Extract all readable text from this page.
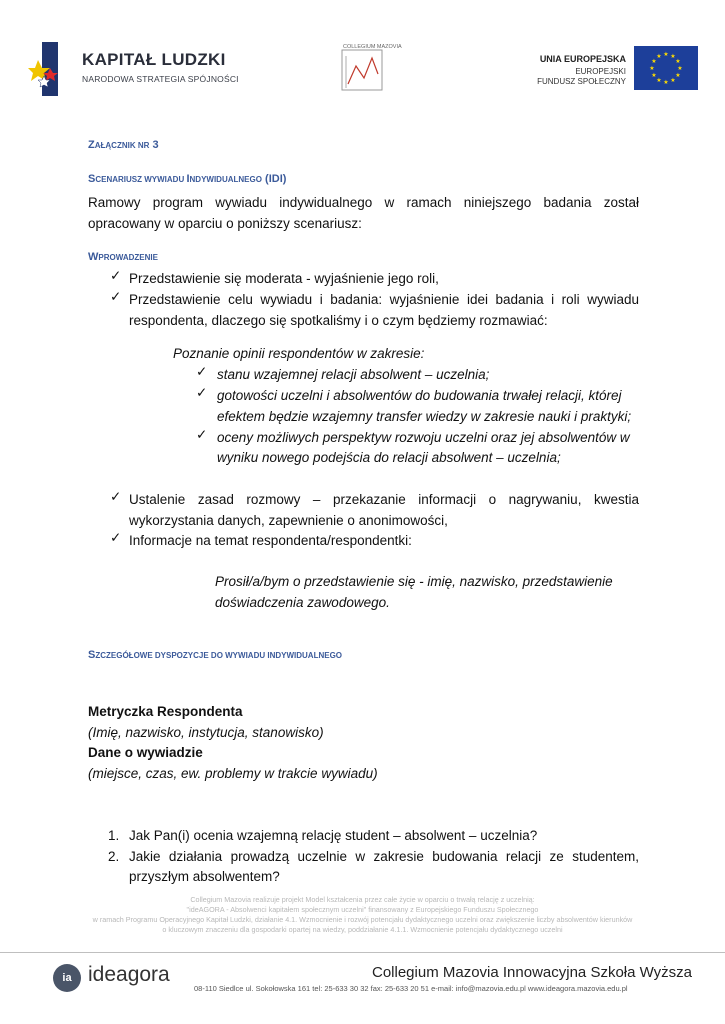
KAPITAŁ LUDZKI
NARODOWA STRATEGIA SPÓJNOŚCI
COLLEGIUM MAZOVIA
UNIA EUROPEJSKA
EUROPEJSKI
FUNDUSZ SPOŁECZNY
★ ★
★
★
★
★
★
★
★
★
★
★
ZAŁĄCZNIK NR 3
SCENARIUSZ WYWIADU INDYWIDUALNEGO (IDI)
Ramowy program wywiadu indywidualnego w ramach niniejszego badania został
opracowany w oparciu o poniższy scenariusz:
WPROWADZENIE
✓ Przedstawienie się moderata - wyjaśnienie jego roli,
✓ Przedstawienie celu wywiadu i badania: wyjaśnienie idei badania i roli wywiadu
respondenta, dlaczego się spotkaliśmy i o czym będziemy rozmawiać:
Poznanie opinii respondentów w zakresie:
✓ stanu wzajemnej relacji absolwent – uczelnia;
✓ gotowości uczelni i absolwentów do budowania trwałej relacji, której
efektem będzie wzajemny transfer wiedzy w zakresie nauki i praktyki;
✓ oceny możliwych perspektyw rozwoju uczelni oraz jej absolwentów w
wyniku nowego podejścia do relacji absolwent – uczelnia;
✓ Ustalenie zasad rozmowy – przekazanie informacji o nagrywaniu, kwestia
wykorzystania danych, zapewnienie o anonimowości,
✓ Informacje na temat respondenta/respondentki:
Prosił/a/bym o przedstawienie się - imię, nazwisko, przedstawienie
doświadczenia zawodowego.
SZCZEGÓŁOWE DYSPOZYCJE DO WYWIADU INDYWIDUALNEGO
Metryczka Respondenta
(Imię, nazwisko, instytucja, stanowisko)
Dane o wywiadzie
(miejsce, czas, ew. problemy w trakcie wywiadu)
1. Jak Pan(i) ocenia wzajemną relację student – absolwent – uczelnia?
2. Jakie działania prowadzą uczelnie w zakresie budowania relacji ze studentem,
przyszłym absolwentem?
Collegium Mazovia realizuje projekt Model kształcenia przez całe życie w oparciu o trwałą relację z uczelnią:
"ideAGORA - Absolwenci kapitałem społecznym uczelni" finansowany z Europejskiego Funduszu Społecznego
w ramach Programu Operacyjnego Kapitał Ludzki, działanie 4.1. Wzmocnienie i rozwój potencjału dydaktycznego uczelni oraz zwiększenie liczby absolwentów kierunków
o kluczowym znaczeniu dla gospodarki opartej na wiedzy, poddziałanie 4.1.1. Wzmocnienie potencjału dydaktycznego uczelni
ia ideagora	Collegium Mazovia Innowacyjna Szkoła Wyższa
08-110 Siedlce ul. Sokołowska 161 tel: 25-633 30 32 fax: 25-633 20 51 e-mail: info@mazovia.edu.pl www.ideagora.mazovia.edu.pl
